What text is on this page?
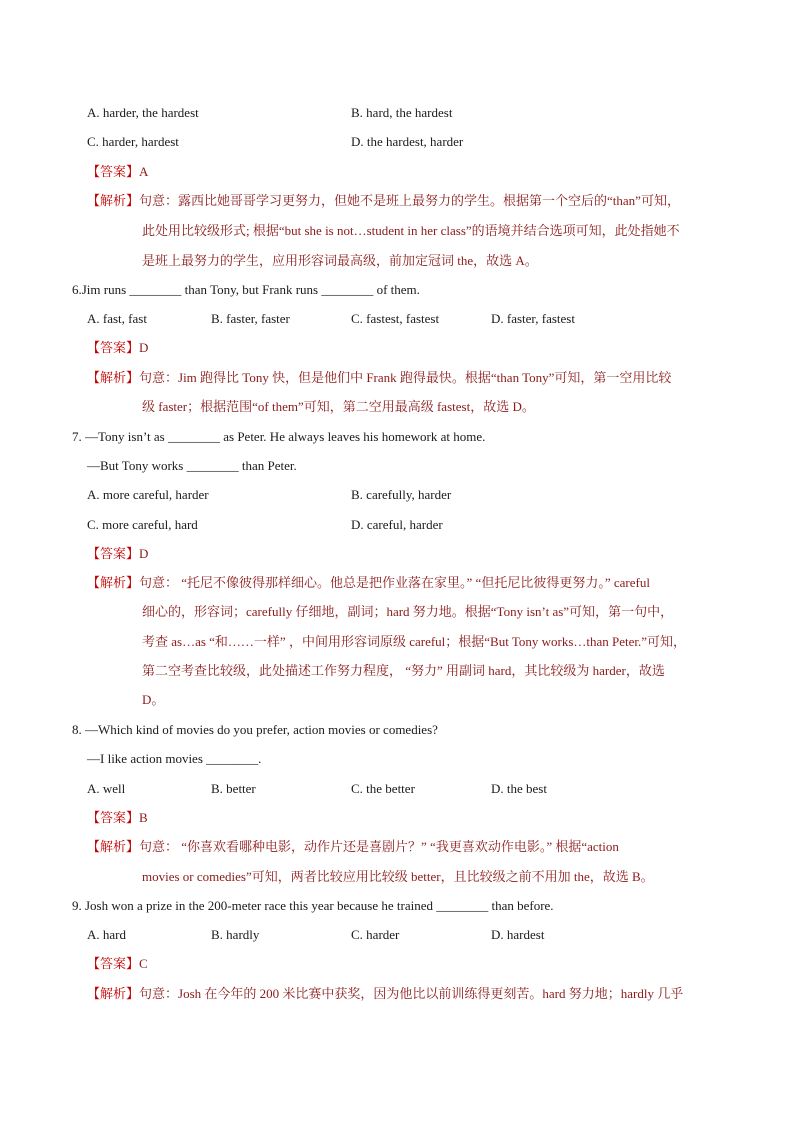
A. harder, the hardest	B. hard, the hardest
C. harder, hardest	D. the hardest, harder
【答案】A
【解析】句意：露西比她哥哥学习更努力，但她不是班上最努力的学生。根据第一个空后的“than”可知，
此处用比较级形式; 根据“but she is not…student in her class”的语境并结合选项可知，此处指她不
是班上最努力的学生，应用形容词最高级，前加定冠词 the，故选 A。
6.Jim runs ________ than Tony, but Frank runs ________ of them.
A. fast, fast	B. faster, faster	C. fastest, fastest	D. faster, fastest
【答案】D
【解析】句意：Jim 跑得比 Tony 快，但是他们中 Frank 跑得最快。根据“than Tony”可知，第一空用比较
级 faster；根据范围“of them”可知，第二空用最高级 fastest，故选 D。
7. —Tony isn’t as ________ as Peter. He always leaves his homework at home.
—But Tony works ________ than Peter.
A. more careful, harder	B. carefully, harder
C. more careful, hard	D. careful, harder
【答案】D
【解析】句意： “托尼不像彼得那样细心。他总是把作业落在家里。” “但托尼比彼得更努力。” careful
细心的，形容词；carefully 仔细地，副词；hard 努力地。根据“Tony isn’t as”可知，第一句中，
考查 as…as “和……一样” ，中间用形容词原级 careful；根据“But Tony works…than Peter.”可知，
第二空考查比较级，此处描述工作努力程度， “努力” 用副词 hard，其比较级为 harder，故选
D。
8. —Which kind of movies do you prefer, action movies or comedies?
—I like action movies ________.
A. well	B. better	C. the better	D. the best
【答案】B
【解析】句意： “你喜欢看哪种电影，动作片还是喜剧片？” “我更喜欢动作电影。” 根据“action
movies or comedies”可知，两者比较应用比较级 better，且比较级之前不用加 the，故选 B。
9. Josh won a prize in the 200-meter race this year because he trained ________ than before.
A. hard	B. hardly	C. harder	D. hardest
【答案】C
【解析】句意：Josh 在今年的 200 米比赛中获奖，因为他比以前训练得更刻苦。hard 努力地；hardly 几乎
